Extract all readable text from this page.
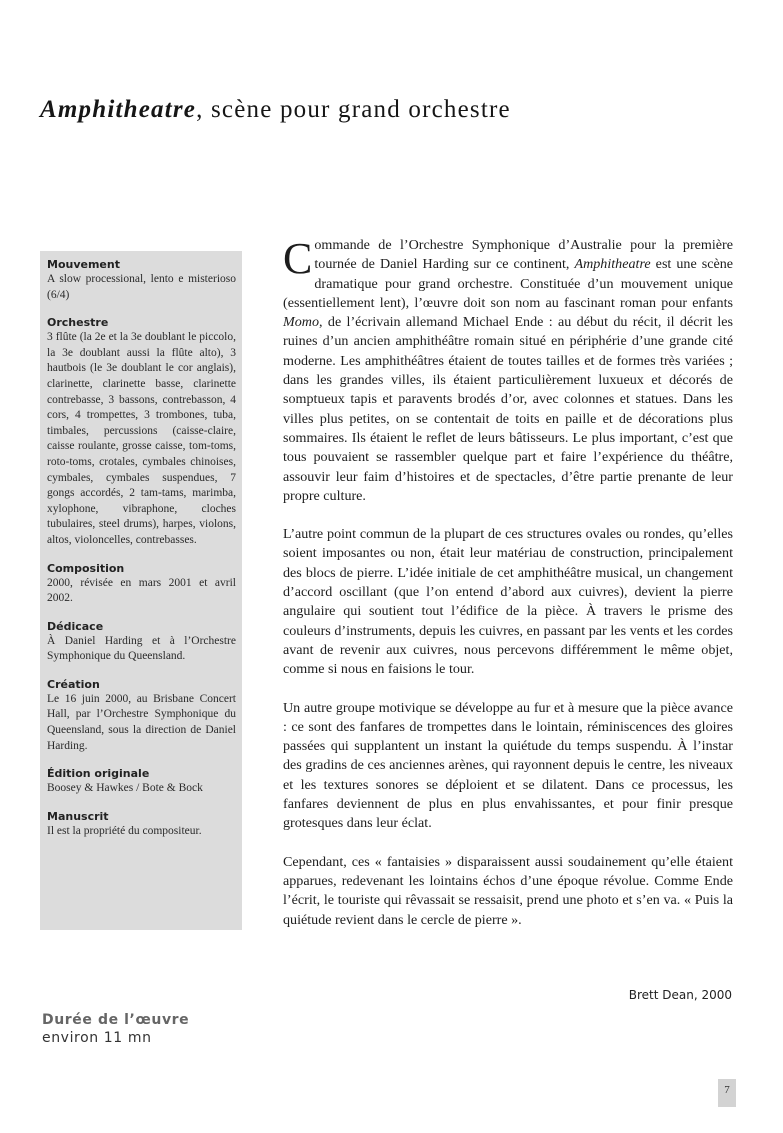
Amphitheatre, scène pour grand orchestre
Mouvement
A slow processional, lento e misterioso (6/4)
Orchestre
3 flûte (la 2e et la 3e doublant le piccolo, la 3e doublant aussi la flûte alto), 3 hautbois (le 3e doublant le cor anglais), clarinette, clarinette basse, clarinette contrebasse, 3 bassons, contrebasson, 4 cors, 4 trompettes, 3 trombones, tuba, timbales, percussions (caisse-claire, caisse roulante, grosse caisse, tom-toms, roto-toms, crotales, cymbales chinoises, cymbales, cymbales suspendues, 7 gongs accordés, 2 tam-tams, marimba, xylophone, vibraphone, cloches tubulaires, steel drums), harpes, violons, altos, violoncelles, contrebasses.
Composition
2000, révisée en mars 2001 et avril 2002.
Dédicace
À Daniel Harding et à l’Orchestre Symphonique du Queensland.
Création
Le 16 juin 2000, au Brisbane Concert Hall, par l’Orchestre Symphonique du Queensland, sous la direction de Daniel Harding.
Édition originale
Boosey & Hawkes / Bote & Bock
Manuscrit
Il est la propriété du compositeur.

Commande de l’Orchestre Symphonique d’Australie pour la première tournée de Daniel Harding sur ce continent, Amphitheatre est une scène dramatique pour grand orchestre. Constituée d’un mouvement unique (essentiellement lent), l’œuvre doit son nom au fascinant roman pour enfants Momo, de l’écrivain allemand Michael Ende : au début du récit, il décrit les ruines d’un ancien amphithéâtre romain situé en périphérie d’une grande cité moderne. Les amphithéâtres étaient de toutes tailles et de formes très variées ; dans les grandes villes, ils étaient particulièrement luxueux et décorés de somptueux tapis et paravents brodés d’or, avec colonnes et statues. Dans les villes plus petites, on se contentait de toits en paille et de décorations plus sommaires. Ils étaient le reflet de leurs bâtisseurs. Le plus important, c’est que tous pouvaient se rassembler quelque part et faire l’expérience du théâtre, assouvir leur faim d’histoires et de spectacles, d’être partie prenante de leur propre culture.

L’autre point commun de la plupart de ces structures ovales ou rondes, qu’elles soient imposantes ou non, était leur matériau de construction, principalement des blocs de pierre. L’idée initiale de cet amphithéâtre musical, un changement d’accord oscillant (que l’on entend d’abord aux cuivres), devient la pierre angulaire qui soutient tout l’édifice de la pièce. À travers le prisme des couleurs d’instruments, depuis les cuivres, en passant par les vents et les cordes avant de revenir aux cuivres, nous percevons différemment le même objet, comme si nous en faisions le tour.

Un autre groupe motivique se développe au fur et à mesure que la pièce avance : ce sont des fanfares de trompettes dans le lointain, réminiscences des gloires passées qui supplantent un instant la quiétude du temps suspendu. À l’instar des gradins de ces anciennes arènes, qui rayonnent depuis le centre, les niveaux et les textures sonores se déploient et se dilatent. Dans ce processus, les fanfares deviennent de plus en plus envahissantes, et pour finir presque grotesques dans leur éclat.

Cependant, ces « fantaisies » disparaissent aussi soudainement qu’elle étaient apparues, redevenant les lointains échos d’une époque révolue. Comme Ende l’écrit, le touriste qui rêvassait se ressaisit, prend une photo et s’en va. « Puis la quiétude revient dans le cercle de pierre ».

Brett Dean, 2000
Durée de l’œuvre
environ 11 mn
7
